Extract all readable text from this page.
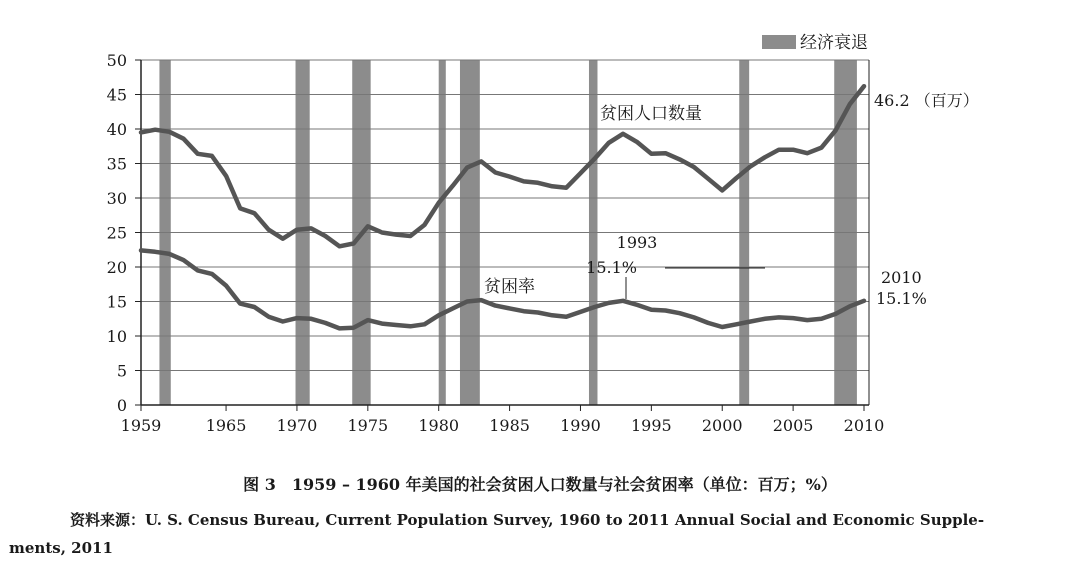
50
45
40
35
30
25
20
15
10
5
0
1959	1965 1970 1975 1980 1985 1990 1995 2000 2005 2010
经济衰退
贫困人口数量
46.2 （百万）
贫困率
1993
15.1%
2010
15.1%
图 3　1959 – 1960 年美国的社会贫困人口数量与社会贫困率（单位：百万；%）
资料来源：U. S. Census Bureau, Current Population Survey, 1960 to 2011 Annual Social and Economic Supple-
ments, 2011
